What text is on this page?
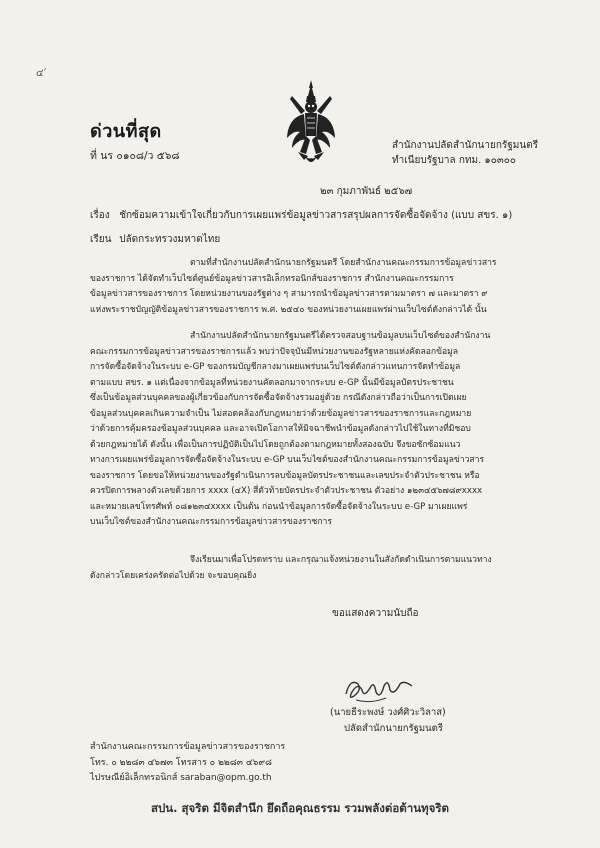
๔ʹ
ด่วนที่สุด
ที่ นร ๐๑๐๘/ว ๕๖๘
สำนักงานปลัดสำนักนายกรัฐมนตรี
ทำเนียบรัฐบาล กทม. ๑๐๓๐๐
๒๓ กุมภาพันธ์ ๒๕๖๗
เรื่อง ชักซ้อมความเข้าใจเกี่ยวกับการเผยแพร่ข้อมูลข่าวสารสรุปผลการจัดซื้อจัดจ้าง (แบบ สขร. ๑)
เรียน ปลัดกระทรวงมหาดไทย
ตามที่สำนักงานปลัดสำนักนายกรัฐมนตรี โดยสำนักงานคณะกรรมการข้อมูลข่าวสาร
ของราชการ ได้จัดทำเว็บไซต์ศูนย์ข้อมูลข่าวสารอิเล็กทรอนิกส์ของราชการ สำนักงานคณะกรรมการ
ข้อมูลข่าวสารของราชการ โดยหน่วยงานของรัฐต่าง ๆ สามารถนำข้อมูลข่าวสารตามมาตรา ๗ และมาตรา ๙
แห่งพระราชบัญญัติข้อมูลข่าวสารของราชการ พ.ศ. ๒๕๔๐ ของหน่วยงานเผยแพร่ผ่านเว็บไซต์ดังกล่าวได้ นั้น
สำนักงานปลัดสำนักนายกรัฐมนตรีได้ตรวจสอบฐานข้อมูลบนเว็บไซต์ของสำนักงาน
คณะกรรมการข้อมูลข่าวสารของราชการแล้ว พบว่าปัจจุบันมีหน่วยงานของรัฐหลายแห่งคัดลอกข้อมูล
การจัดซื้อจัดจ้างในระบบ e-GP ของกรมบัญชีกลางมาเผยแพร่บนเว็บไซต์ดังกล่าวแทนการจัดทำข้อมูล
ตามแบบ สขร. ๑ แต่เนื่องจากข้อมูลที่หน่วยงานคัดลอกมาจากระบบ e-GP นั้นมีข้อมูลบัตรประชาชน
ซึ่งเป็นข้อมูลส่วนบุคคลของผู้เกี่ยวข้องกับการจัดซื้อจัดจ้างรวมอยู่ด้วย กรณีดังกล่าวถือว่าเป็นการเปิดเผย
ข้อมูลส่วนบุคคลเกินความจำเป็น ไม่สอดคล้องกับกฎหมายว่าด้วยข้อมูลข่าวสารของราชการและกฎหมาย
ว่าด้วยการคุ้มครองข้อมูลส่วนบุคคล และอาจเปิดโอกาสให้มิจฉาชีพนำข้อมูลดังกล่าวไปใช้ในทางที่มิชอบ
ด้วยกฎหมายได้ ดังนั้น เพื่อเป็นการปฏิบัติเป็นไปโดยถูกต้องตามกฎหมายทั้งสองฉบับ จึงขอซักซ้อมแนว
ทางการเผยแพร่ข้อมูลการจัดซื้อจัดจ้างในระบบ e-GP บนเว็บไซต์ของสำนักงานคณะกรรมการข้อมูลข่าวสาร
ของราชการ โดยขอให้หน่วยงานของรัฐดำเนินการลบข้อมูลบัตรประชาชนและเลขประจำตัวประชาชน หรือ
ควรปิดการพลางตัวเลขด้วยการ xxxx (๔X) สี่ตัวท้ายบัตรประจำตัวประชาชน ตัวอย่าง ๑๒๓๔๕๖๗๘๙xxxx
และหมายเลขโทรศัพท์ ๐๘๑๒๓๔xxxx เป็นต้น ก่อนนำข้อมูลการจัดซื้อจัดจ้างในระบบ e-GP มาเผยแพร่
บนเว็บไซต์ของสำนักงานคณะกรรมการข้อมูลข่าวสารของราชการ
จึงเรียนมาเพื่อโปรดทราบ และกรุณาแจ้งหน่วยงานในสังกัดดำเนินการตามแนวทาง
ดังกล่าวโดยเคร่งครัดต่อไปด้วย จะขอบคุณยิ่ง
ขอแสดงความนับถือ
(นายธีระพงษ์ วงศ์ศิวะวิลาส)
ปลัดสำนักนายกรัฐมนตรี
สำนักงานคณะกรรมการข้อมูลข่าวสารของราชการ
โทร. ๐ ๒๒๘๓ ๔๖๗๓ โทรสาร ๐ ๒๒๘๓ ๔๖๙๘
ไปรษณีย์อิเล็กทรอนิกส์ saraban@opm.go.th
สปน. สุจริต มีจิตสำนึก ยึดถือคุณธรรม รวมพลังต่อต้านทุจริต
